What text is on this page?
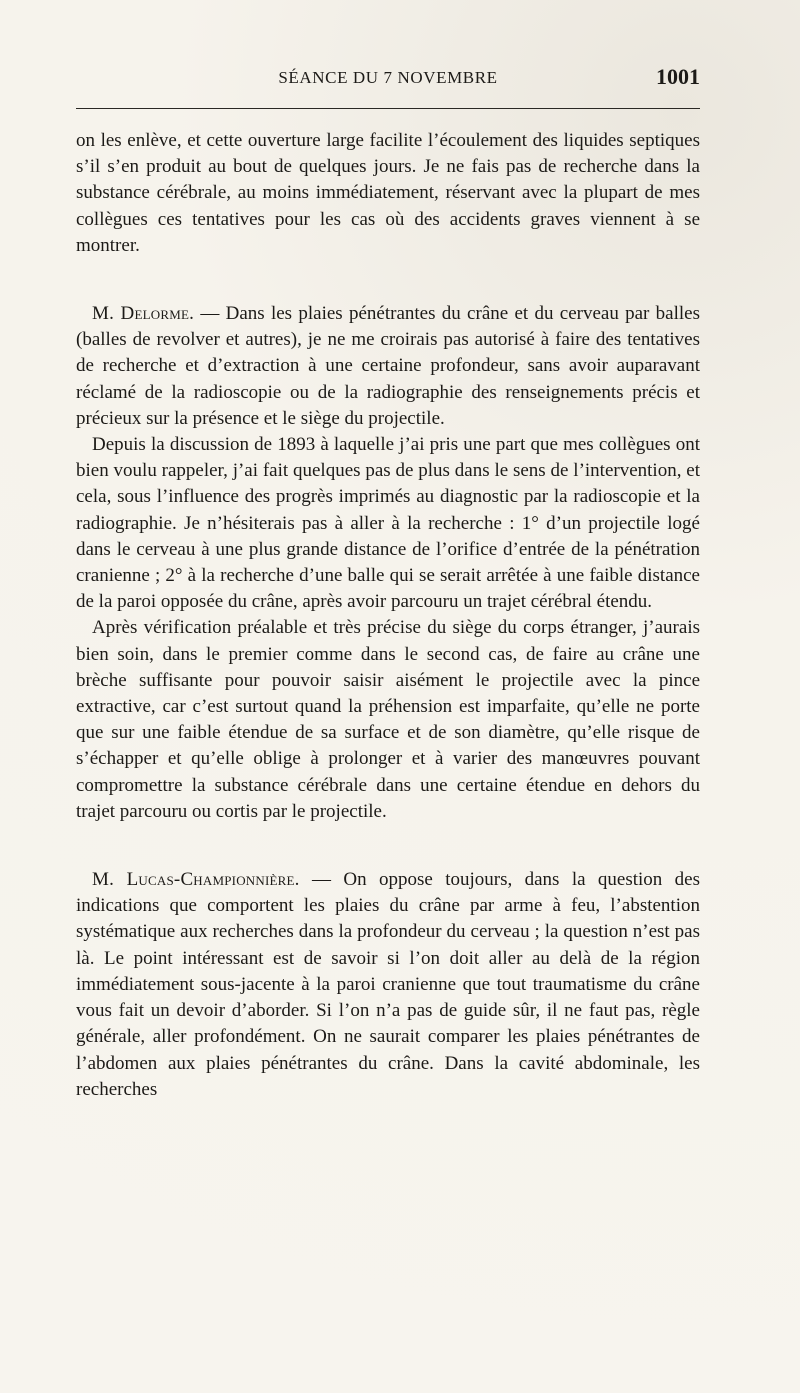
SÉANCE DU 7 NOVEMBRE	1001

on les enlève, et cette ouverture large facilite l’écoulement des liquides septiques s’il s’en produit au bout de quelques jours. Je ne fais pas de recherche dans la substance cérébrale, au moins immédiatement, réservant avec la plupart de mes collègues ces tentatives pour les cas où des accidents graves viennent à se montrer.

M. Delorme. — Dans les plaies pénétrantes du crâne et du cerveau par balles (balles de revolver et autres), je ne me croirais pas autorisé à faire des tentatives de recherche et d’extraction à une certaine profondeur, sans avoir auparavant réclamé de la radioscopie ou de la radiographie des renseignements précis et précieux sur la présence et le siège du projectile.

Depuis la discussion de 1893 à laquelle j’ai pris une part que mes collègues ont bien voulu rappeler, j’ai fait quelques pas de plus dans le sens de l’intervention, et cela, sous l’influence des progrès imprimés au diagnostic par la radioscopie et la radiographie. Je n’hésiterais pas à aller à la recherche : 1° d’un projectile logé dans le cerveau à une plus grande distance de l’orifice d’entrée de la pénétration cranienne ; 2° à la recherche d’une balle qui se serait arrêtée à une faible distance de la paroi opposée du crâne, après avoir parcouru un trajet cérébral étendu.

Après vérification préalable et très précise du siège du corps étranger, j’aurais bien soin, dans le premier comme dans le second cas, de faire au crâne une brèche suffisante pour pouvoir saisir aisément le projectile avec la pince extractive, car c’est surtout quand la préhension est imparfaite, qu’elle ne porte que sur une faible étendue de sa surface et de son diamètre, qu’elle risque de s’échapper et qu’elle oblige à prolonger et à varier des manœuvres pouvant compromettre la substance cérébrale dans une certaine étendue en dehors du trajet parcouru ou cortis par le projectile.

M. Lucas-Championnière. — On oppose toujours, dans la question des indications que comportent les plaies du crâne par arme à feu, l’abstention systématique aux recherches dans la profondeur du cerveau ; la question n’est pas là. Le point intéressant est de savoir si l’on doit aller au delà de la région immédiatement sous-jacente à la paroi cranienne que tout traumatisme du crâne vous fait un devoir d’aborder. Si l’on n’a pas de guide sûr, il ne faut pas, règle générale, aller profondément. On ne saurait comparer les plaies pénétrantes de l’abdomen aux plaies pénétrantes du crâne. Dans la cavité abdominale, les recherches
